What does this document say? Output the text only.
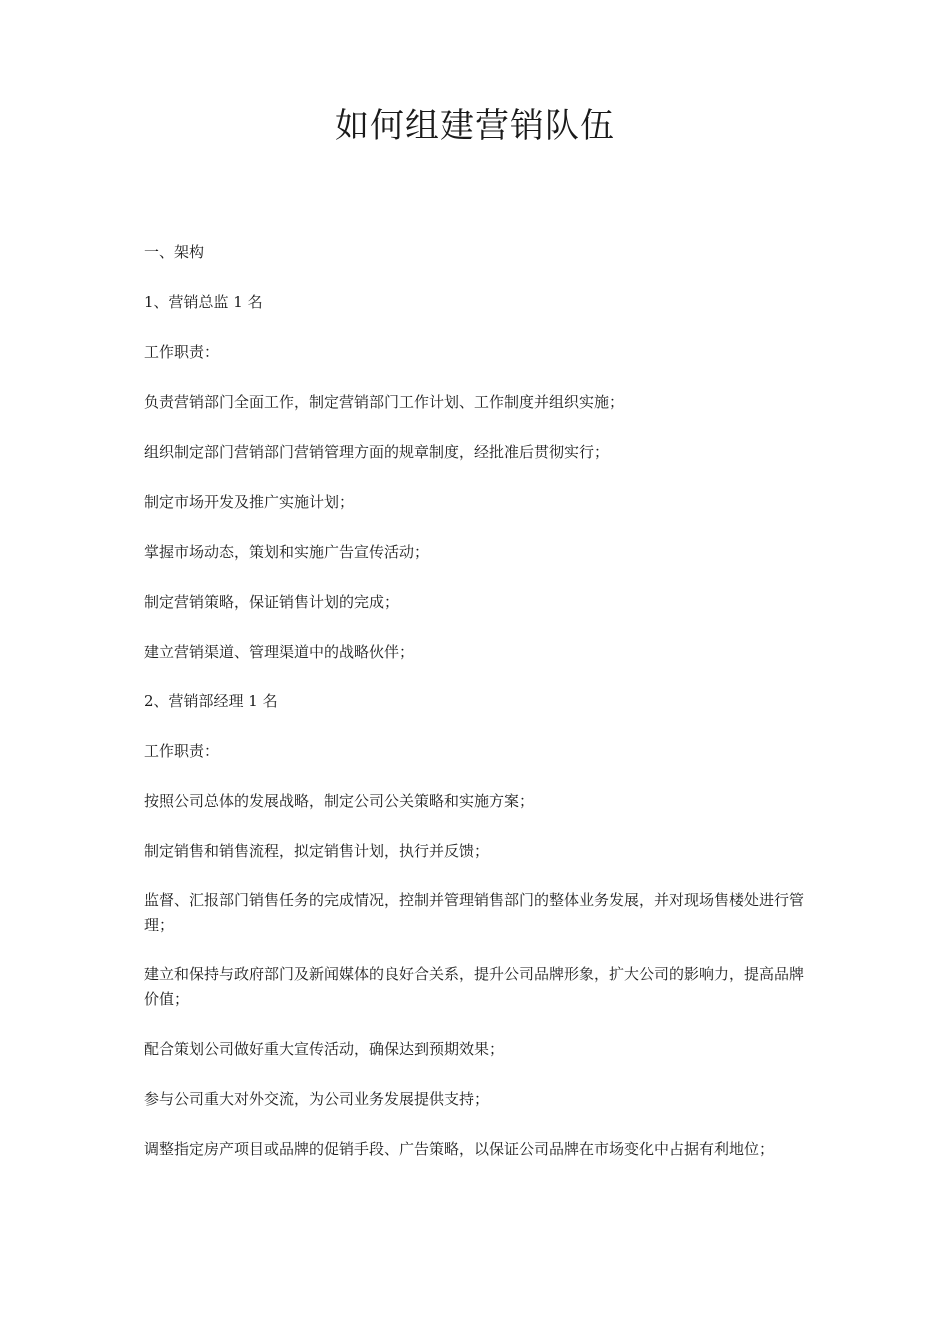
如何组建营销队伍

一、架构

1、营销总监 1 名

工作职责：

负责营销部门全面工作，制定营销部门工作计划、工作制度并组织实施；

组织制定部门营销部门营销管理方面的规章制度，经批准后贯彻实行；

制定市场开发及推广实施计划；

掌握市场动态，策划和实施广告宣传活动；

制定营销策略，保证销售计划的完成；

建立营销渠道、管理渠道中的战略伙伴；

2、营销部经理 1 名

工作职责：

按照公司总体的发展战略，制定公司公关策略和实施方案；

制定销售和销售流程，拟定销售计划，执行并反馈；

监督、汇报部门销售任务的完成情况，控制并管理销售部门的整体业务发展，并对现场售楼处进行管理；

建立和保持与政府部门及新闻媒体的良好合关系，提升公司品牌形象，扩大公司的影响力，提高品牌价值；

配合策划公司做好重大宣传活动，确保达到预期效果；

参与公司重大对外交流，为公司业务发展提供支持；

调整指定房产项目或品牌的促销手段、广告策略，以保证公司品牌在市场变化中占据有利地位；
